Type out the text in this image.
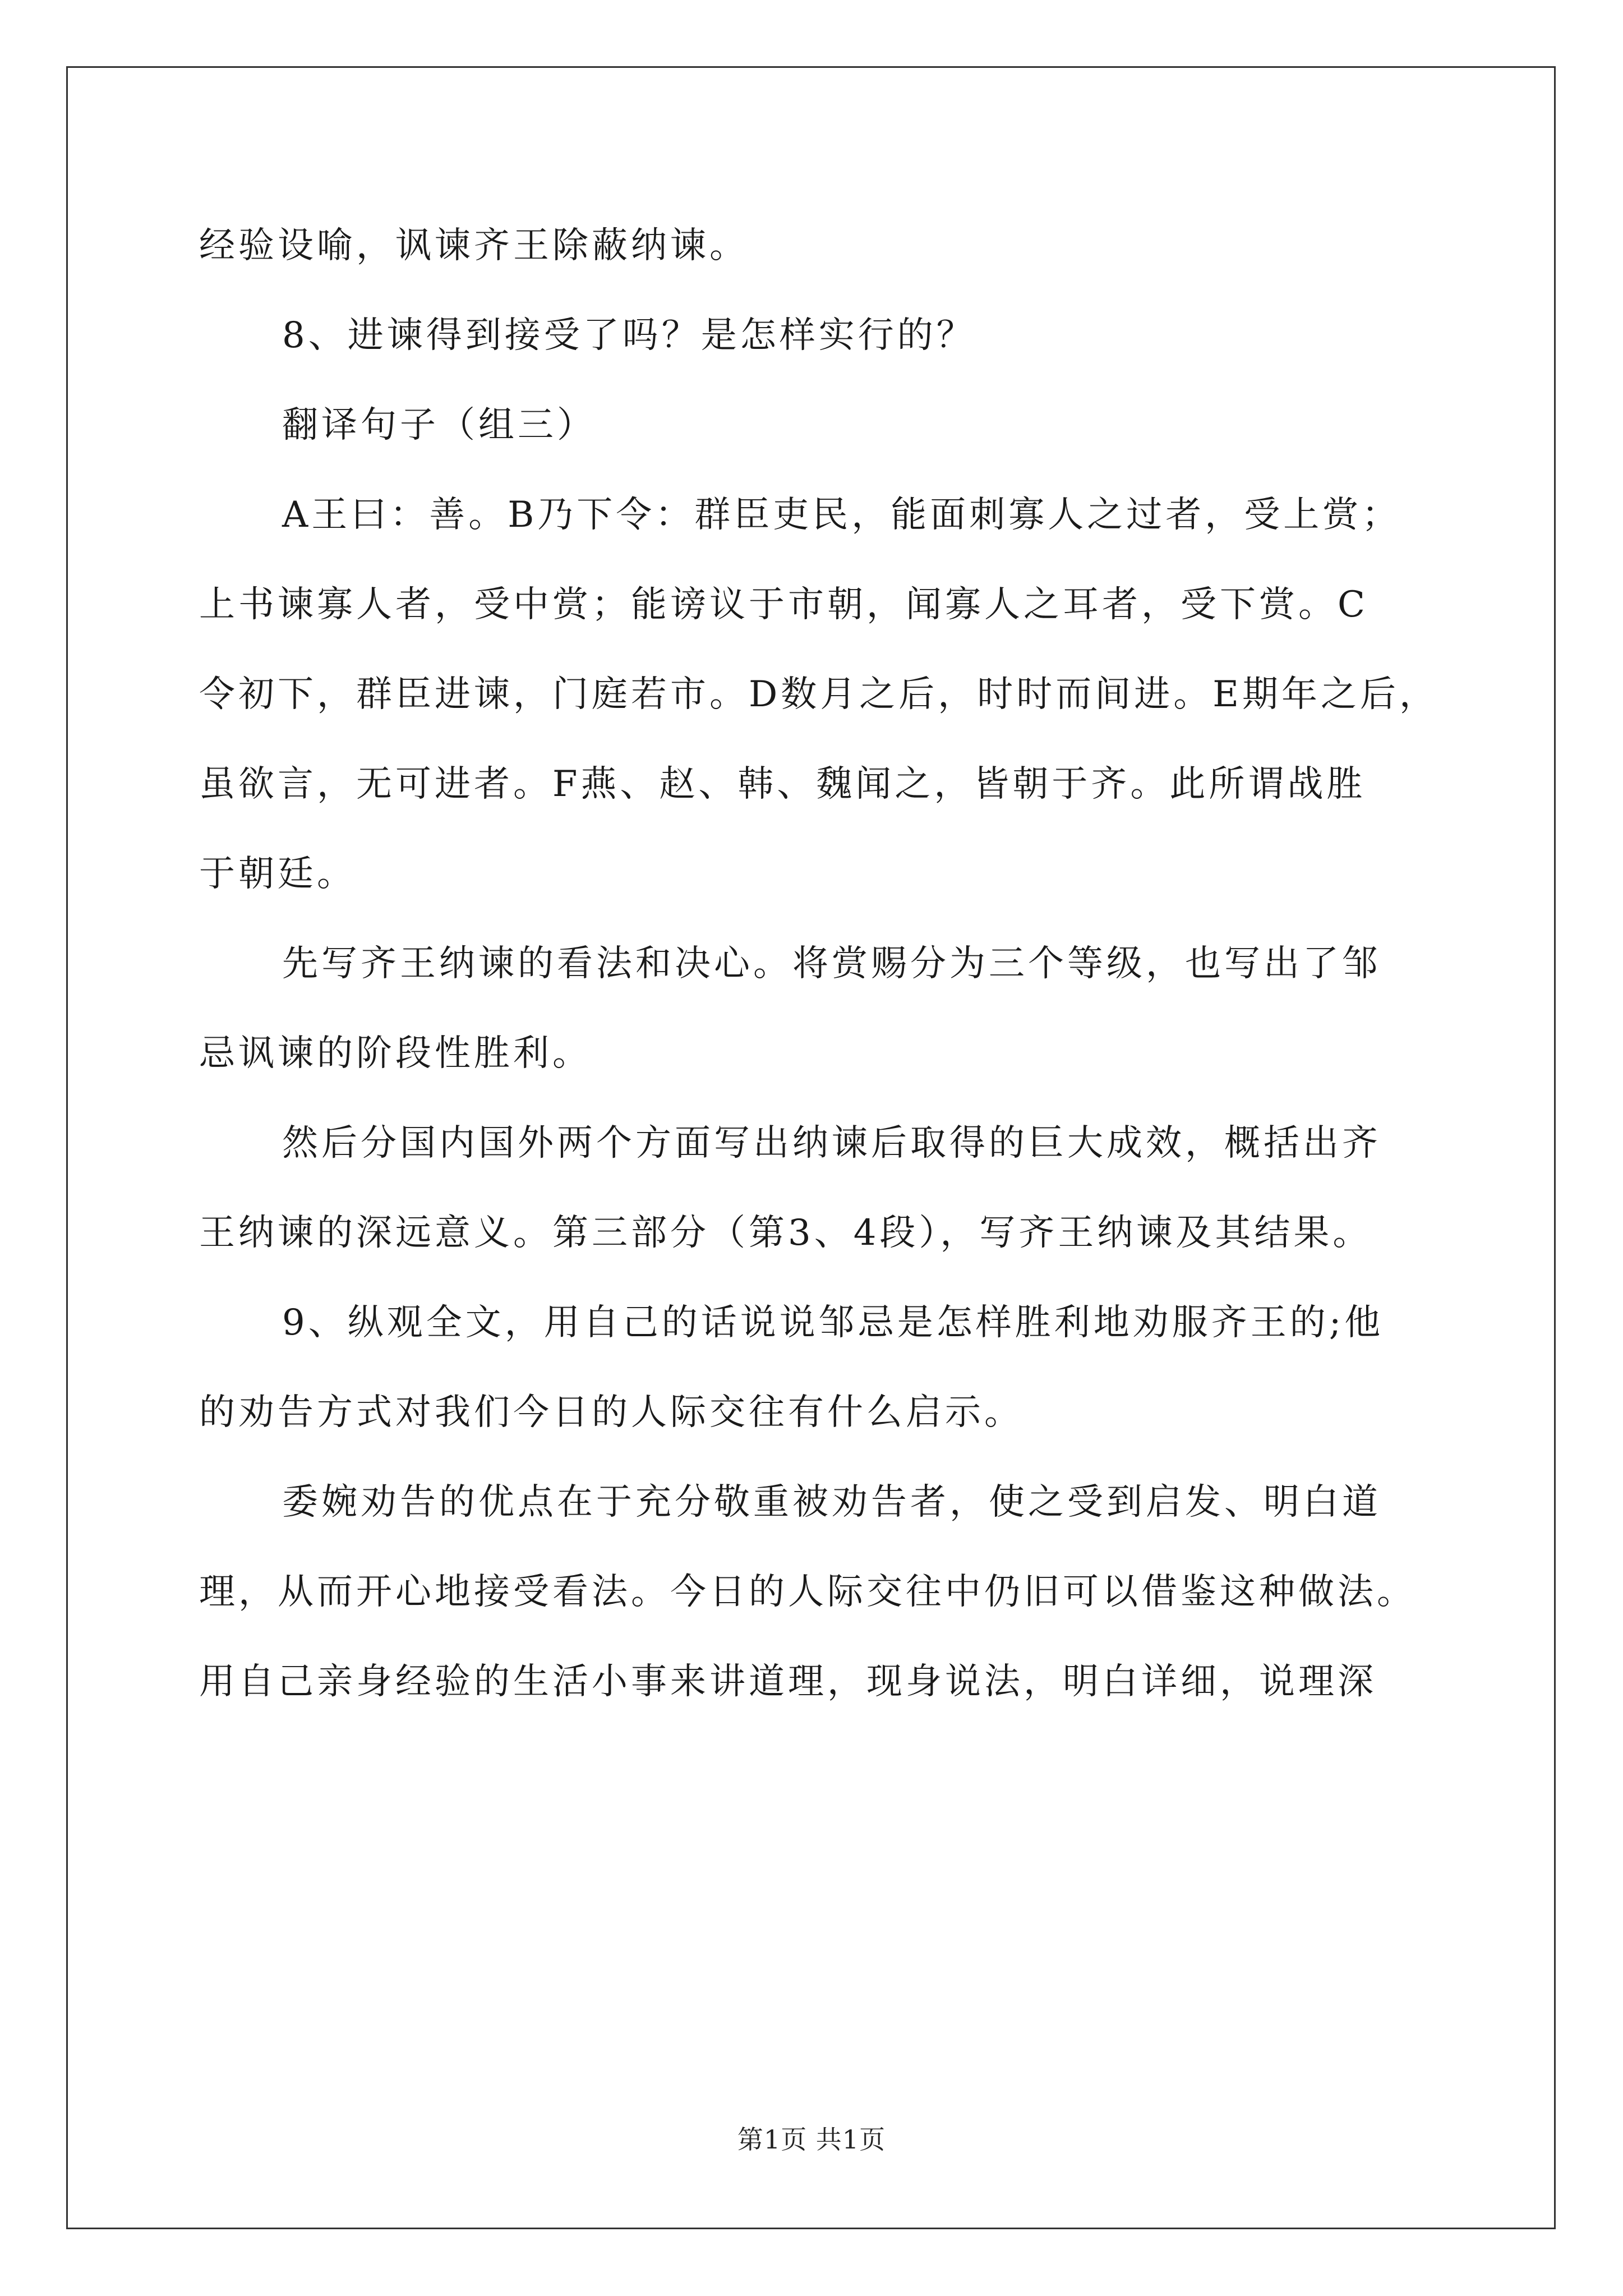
经验设喻，讽谏齐王除蔽纳谏。
8、进谏得到接受了吗？是怎样实行的？
翻译句子（组三）
A王曰：善。B乃下令：群臣吏民，能面刺寡人之过者，受上赏；
上书谏寡人者，受中赏；能谤议于市朝，闻寡人之耳者，受下赏。C
令初下，群臣进谏，门庭若市。D数月之后，时时而间进。E期年之后，
虽欲言，无可进者。F燕、赵、韩、魏闻之，皆朝于齐。此所谓战胜
于朝廷。
先写齐王纳谏的看法和决心。将赏赐分为三个等级，也写出了邹
忌讽谏的阶段性胜利。
然后分国内国外两个方面写出纳谏后取得的巨大成效，概括出齐
王纳谏的深远意义。第三部分（第3、4段），写齐王纳谏及其结果。
9、纵观全文，用自己的话说说邹忌是怎样胜利地劝服齐王的;他
的劝告方式对我们今日的人际交往有什么启示。
委婉劝告的优点在于充分敬重被劝告者，使之受到启发、明白道
理，从而开心地接受看法。今日的人际交往中仍旧可以借鉴这种做法。
用自己亲身经验的生活小事来讲道理，现身说法，明白详细，说理深
第1页 共1页
